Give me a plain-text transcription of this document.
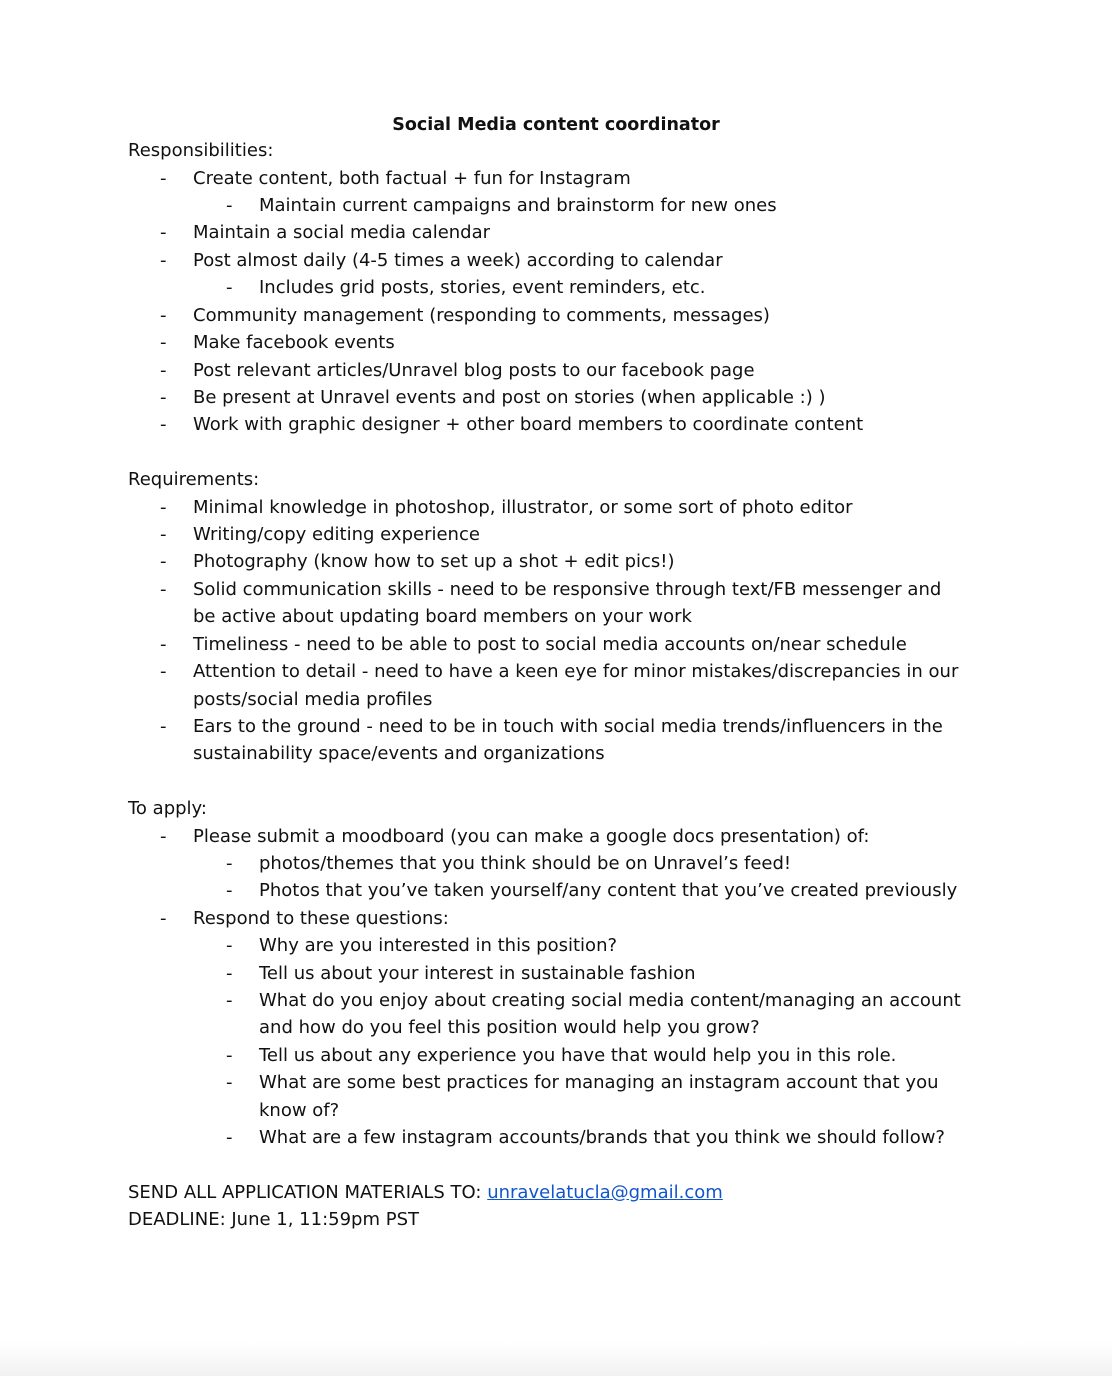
Social Media content coordinator
Responsibilities:
- Create content, both factual + fun for Instagram
- Maintain current campaigns and brainstorm for new ones
- Maintain a social media calendar
- Post almost daily (4-5 times a week) according to calendar
- Includes grid posts, stories, event reminders, etc.
- Community management (responding to comments, messages)
- Make facebook events
- Post relevant articles/Unravel blog posts to our facebook page
- Be present at Unravel events and post on stories (when applicable :) )
- Work with graphic designer + other board members to coordinate content
Requirements:
- Minimal knowledge in photoshop, illustrator, or some sort of photo editor
- Writing/copy editing experience
- Photography (know how to set up a shot + edit pics!)
- Solid communication skills - need to be responsive through text/FB messenger and
be active about updating board members on your work
- Timeliness - need to be able to post to social media accounts on/near schedule
- Attention to detail - need to have a keen eye for minor mistakes/discrepancies in our
posts/social media profiles
- Ears to the ground - need to be in touch with social media trends/influencers in the
sustainability space/events and organizations
To apply:
- Please submit a moodboard (you can make a google docs presentation) of:
- photos/themes that you think should be on Unravel’s feed!
- Photos that you’ve taken yourself/any content that you’ve created previously
- Respond to these questions:
- Why are you interested in this position?
- Tell us about your interest in sustainable fashion
- What do you enjoy about creating social media content/managing an account
and how do you feel this position would help you grow?
- Tell us about any experience you have that would help you in this role.
- What are some best practices for managing an instagram account that you
know of?
- What are a few instagram accounts/brands that you think we should follow?
SEND ALL APPLICATION MATERIALS TO: unravelatucla@gmail.com
DEADLINE: June 1, 11:59pm PST
